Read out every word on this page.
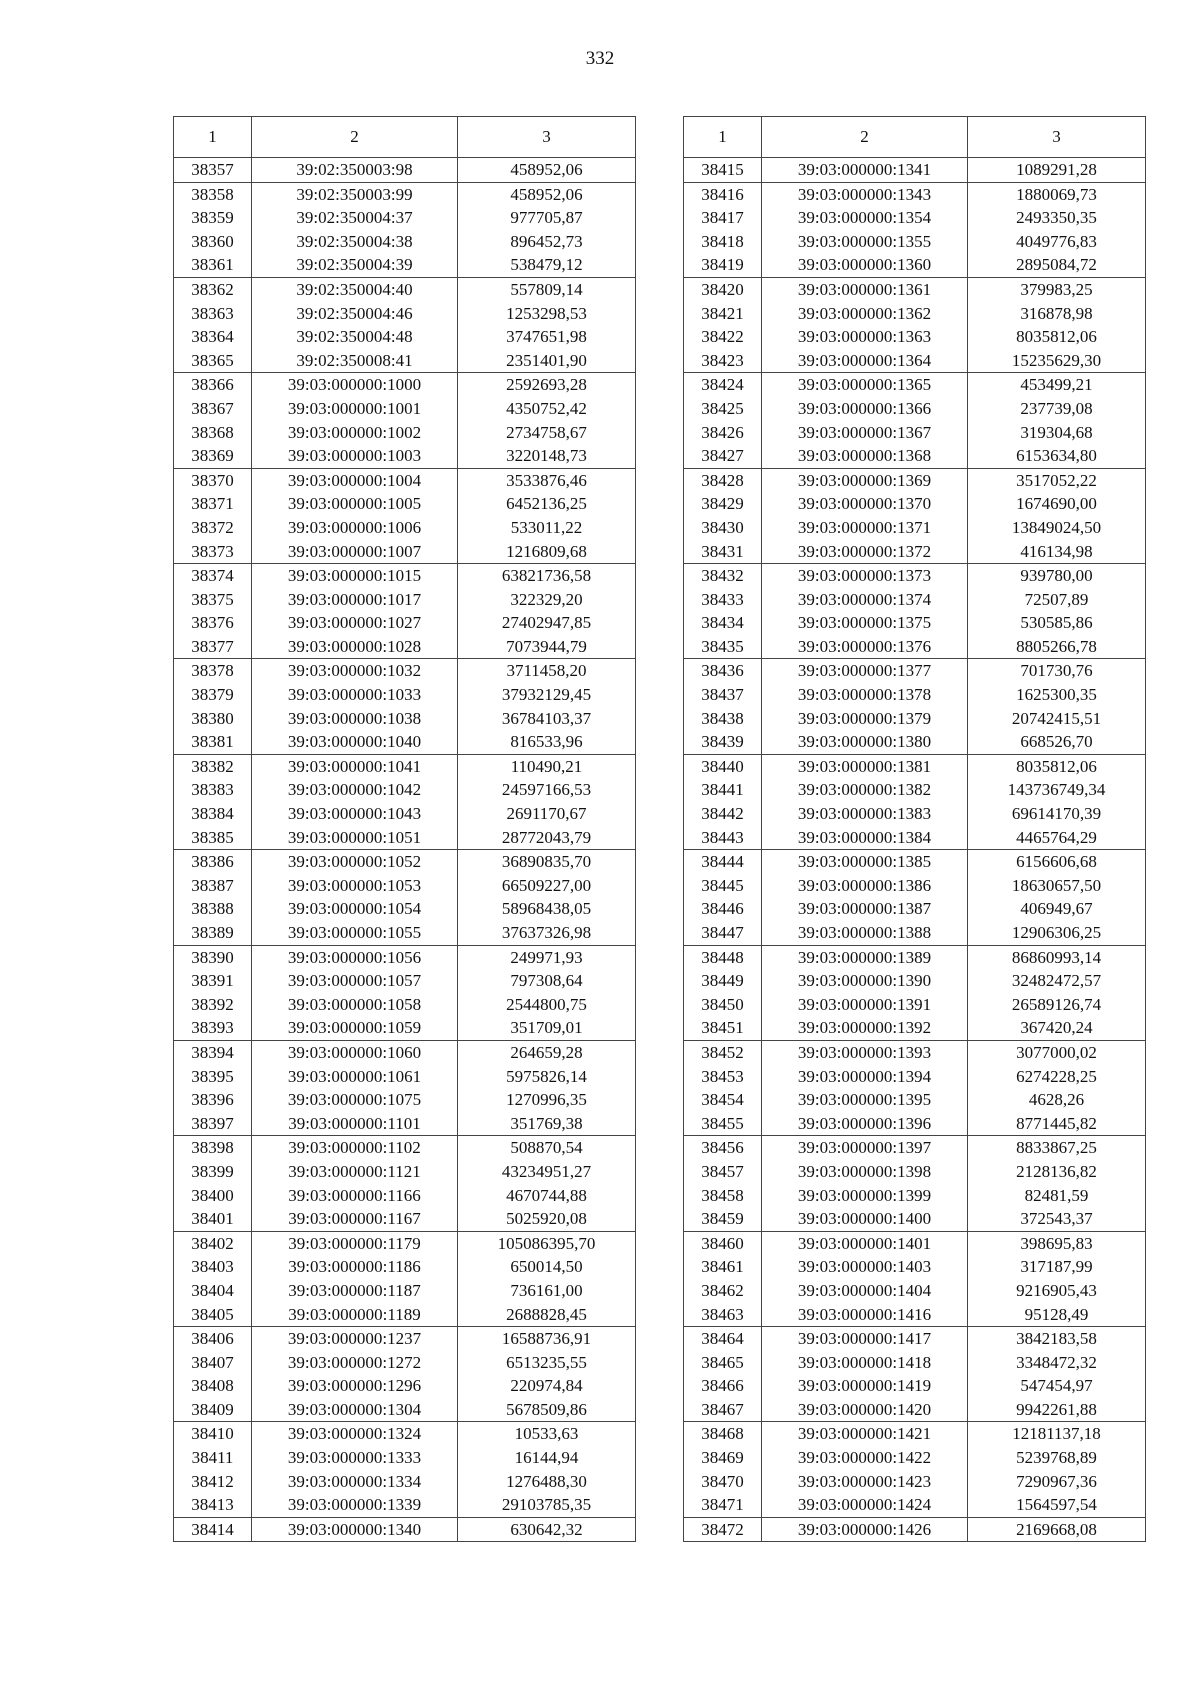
332
1	2	3
38357	39:02:350003:98	458952,06
38358	39:02:350003:99	458952,06
38359	39:02:350004:37	977705,87
38360	39:02:350004:38	896452,73
38361	39:02:350004:39	538479,12
38362	39:02:350004:40	557809,14
38363	39:02:350004:46	1253298,53
38364	39:02:350004:48	3747651,98
38365	39:02:350008:41	2351401,90
38366	39:03:000000:1000	2592693,28
38367	39:03:000000:1001	4350752,42
38368	39:03:000000:1002	2734758,67
38369	39:03:000000:1003	3220148,73
38370	39:03:000000:1004	3533876,46
38371	39:03:000000:1005	6452136,25
38372	39:03:000000:1006	533011,22
38373	39:03:000000:1007	1216809,68
38374	39:03:000000:1015	63821736,58
38375	39:03:000000:1017	322329,20
38376	39:03:000000:1027	27402947,85
38377	39:03:000000:1028	7073944,79
38378	39:03:000000:1032	3711458,20
38379	39:03:000000:1033	37932129,45
38380	39:03:000000:1038	36784103,37
38381	39:03:000000:1040	816533,96
38382	39:03:000000:1041	110490,21
38383	39:03:000000:1042	24597166,53
38384	39:03:000000:1043	2691170,67
38385	39:03:000000:1051	28772043,79
38386	39:03:000000:1052	36890835,70
38387	39:03:000000:1053	66509227,00
38388	39:03:000000:1054	58968438,05
38389	39:03:000000:1055	37637326,98
38390	39:03:000000:1056	249971,93
38391	39:03:000000:1057	797308,64
38392	39:03:000000:1058	2544800,75
38393	39:03:000000:1059	351709,01
38394	39:03:000000:1060	264659,28
38395	39:03:000000:1061	5975826,14
38396	39:03:000000:1075	1270996,35
38397	39:03:000000:1101	351769,38
38398	39:03:000000:1102	508870,54
38399	39:03:000000:1121	43234951,27
38400	39:03:000000:1166	4670744,88
38401	39:03:000000:1167	5025920,08
38402	39:03:000000:1179	105086395,70
38403	39:03:000000:1186	650014,50
38404	39:03:000000:1187	736161,00
38405	39:03:000000:1189	2688828,45
38406	39:03:000000:1237	16588736,91
38407	39:03:000000:1272	6513235,55
38408	39:03:000000:1296	220974,84
38409	39:03:000000:1304	5678509,86
38410	39:03:000000:1324	10533,63
38411	39:03:000000:1333	16144,94
38412	39:03:000000:1334	1276488,30
38413	39:03:000000:1339	29103785,35
38414	39:03:000000:1340	630642,32
1	2	3
38415	39:03:000000:1341	1089291,28
38416	39:03:000000:1343	1880069,73
38417	39:03:000000:1354	2493350,35
38418	39:03:000000:1355	4049776,83
38419	39:03:000000:1360	2895084,72
38420	39:03:000000:1361	379983,25
38421	39:03:000000:1362	316878,98
38422	39:03:000000:1363	8035812,06
38423	39:03:000000:1364	15235629,30
38424	39:03:000000:1365	453499,21
38425	39:03:000000:1366	237739,08
38426	39:03:000000:1367	319304,68
38427	39:03:000000:1368	6153634,80
38428	39:03:000000:1369	3517052,22
38429	39:03:000000:1370	1674690,00
38430	39:03:000000:1371	13849024,50
38431	39:03:000000:1372	416134,98
38432	39:03:000000:1373	939780,00
38433	39:03:000000:1374	72507,89
38434	39:03:000000:1375	530585,86
38435	39:03:000000:1376	8805266,78
38436	39:03:000000:1377	701730,76
38437	39:03:000000:1378	1625300,35
38438	39:03:000000:1379	20742415,51
38439	39:03:000000:1380	668526,70
38440	39:03:000000:1381	8035812,06
38441	39:03:000000:1382	143736749,34
38442	39:03:000000:1383	69614170,39
38443	39:03:000000:1384	4465764,29
38444	39:03:000000:1385	6156606,68
38445	39:03:000000:1386	18630657,50
38446	39:03:000000:1387	406949,67
38447	39:03:000000:1388	12906306,25
38448	39:03:000000:1389	86860993,14
38449	39:03:000000:1390	32482472,57
38450	39:03:000000:1391	26589126,74
38451	39:03:000000:1392	367420,24
38452	39:03:000000:1393	3077000,02
38453	39:03:000000:1394	6274228,25
38454	39:03:000000:1395	4628,26
38455	39:03:000000:1396	8771445,82
38456	39:03:000000:1397	8833867,25
38457	39:03:000000:1398	2128136,82
38458	39:03:000000:1399	82481,59
38459	39:03:000000:1400	372543,37
38460	39:03:000000:1401	398695,83
38461	39:03:000000:1403	317187,99
38462	39:03:000000:1404	9216905,43
38463	39:03:000000:1416	95128,49
38464	39:03:000000:1417	3842183,58
38465	39:03:000000:1418	3348472,32
38466	39:03:000000:1419	547454,97
38467	39:03:000000:1420	9942261,88
38468	39:03:000000:1421	12181137,18
38469	39:03:000000:1422	5239768,89
38470	39:03:000000:1423	7290967,36
38471	39:03:000000:1424	1564597,54
38472	39:03:000000:1426	2169668,08
